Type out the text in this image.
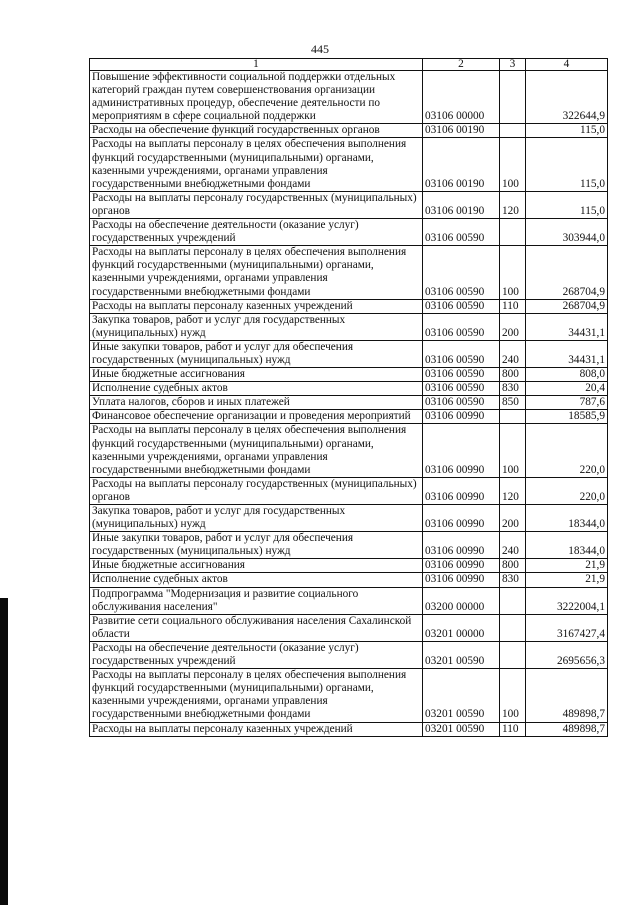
445
1	2	3	4
Повышение эффективности социальной поддержки отдельных категорий граждан путем совершенствования организации административных процедур, обеспечение деятельности по мероприятиям в сфере социальной поддержки	03106 00000		322644,9
Расходы на обеспечение функций государственных органов	03106 00190		115,0
Расходы на выплаты персоналу в целях обеспечения выполнения функций государственными (муниципальными) органами, казенными учреждениями, органами управления государственными внебюджетными фондами	03106 00190	100	115,0
Расходы на выплаты персоналу государственных (муниципальных) органов	03106 00190	120	115,0
Расходы на обеспечение деятельности (оказание услуг) государственных учреждений	03106 00590		303944,0
Расходы на выплаты персоналу в целях обеспечения выполнения функций государственными (муниципальными) органами, казенными учреждениями, органами управления государственными внебюджетными фондами	03106 00590	100	268704,9
Расходы на выплаты персоналу казенных учреждений	03106 00590	110	268704,9
Закупка товаров, работ и услуг для государственных (муниципальных) нужд	03106 00590	200	34431,1
Иные закупки товаров, работ и услуг для обеспечения государственных (муниципальных) нужд	03106 00590	240	34431,1
Иные бюджетные ассигнования	03106 00590	800	808,0
Исполнение судебных актов	03106 00590	830	20,4
Уплата налогов, сборов и иных платежей	03106 00590	850	787,6
Финансовое обеспечение организации и проведения мероприятий	03106 00990		18585,9
Расходы на выплаты персоналу в целях обеспечения выполнения функций государственными (муниципальными) органами, казенными учреждениями, органами управления государственными внебюджетными фондами	03106 00990	100	220,0
Расходы на выплаты персоналу государственных (муниципальных) органов	03106 00990	120	220,0
Закупка товаров, работ и услуг для государственных (муниципальных) нужд	03106 00990	200	18344,0
Иные закупки товаров, работ и услуг для обеспечения государственных (муниципальных) нужд	03106 00990	240	18344,0
Иные бюджетные ассигнования	03106 00990	800	21,9
Исполнение судебных актов	03106 00990	830	21,9
Подпрограмма "Модернизация и развитие социального обслуживания населения"	03200 00000		3222004,1
Развитие сети социального обслуживания населения Сахалинской области	03201 00000		3167427,4
Расходы на обеспечение деятельности (оказание услуг) государственных учреждений	03201 00590		2695656,3
Расходы на выплаты персоналу в целях обеспечения выполнения функций государственными (муниципальными) органами, казенными учреждениями, органами управления государственными внебюджетными фондами	03201 00590	100	489898,7
Расходы на выплаты персоналу казенных учреждений	03201 00590	110	489898,7
